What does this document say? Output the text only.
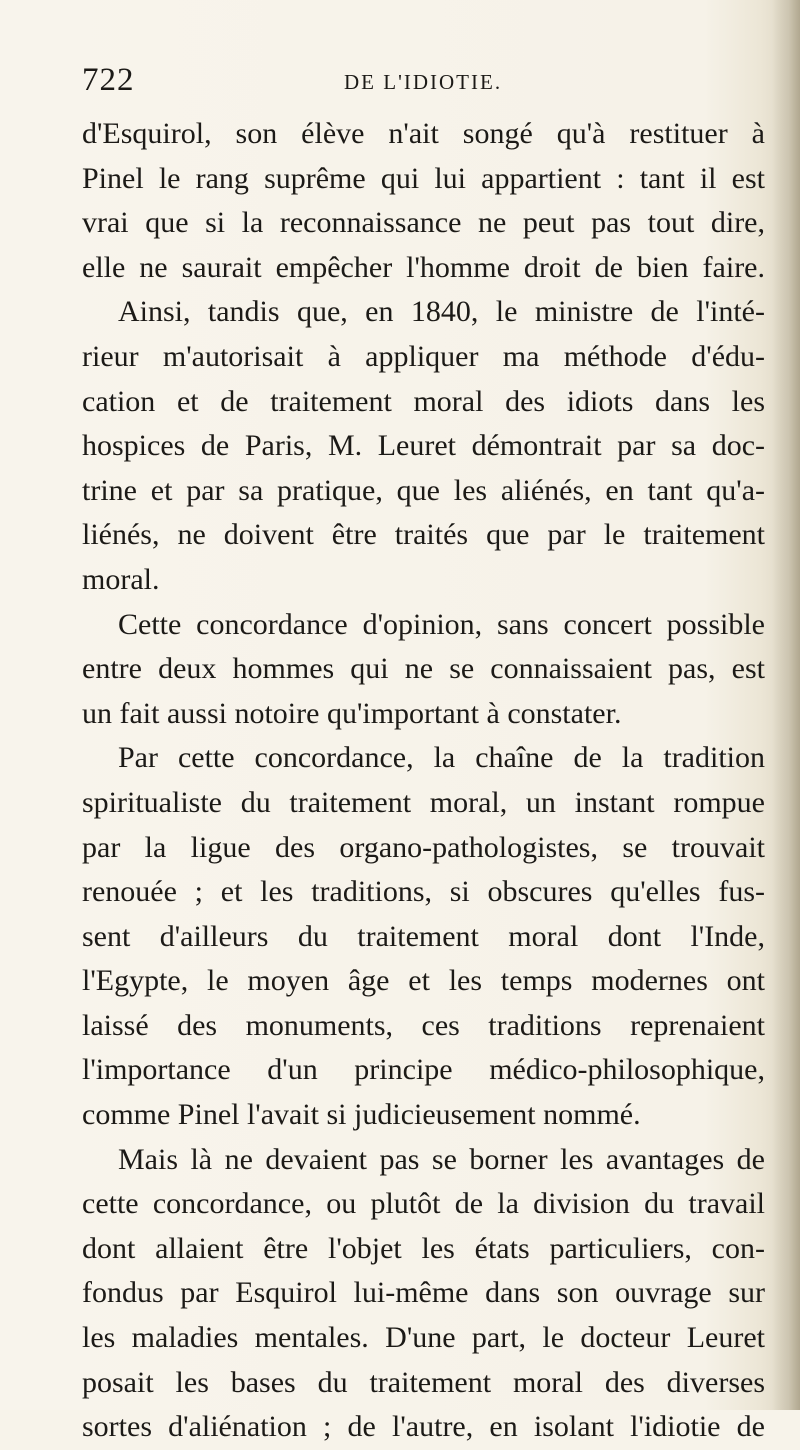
722	DE L'IDIOTIE.
d'Esquirol, son élève n'ait songé qu'à restituer à
Pinel le rang suprême qui lui appartient : tant il est
vrai que si la reconnaissance ne peut pas tout dire,
elle ne saurait empêcher l'homme droit de bien faire.
Ainsi, tandis que, en 1840, le ministre de l'inté-
rieur m'autorisait à appliquer ma méthode d'édu-
cation et de traitement moral des idiots dans les
hospices de Paris, M. Leuret démontrait par sa doc-
trine et par sa pratique, que les aliénés, en tant qu'a-
liénés, ne doivent être traités que par le traitement
moral.
Cette concordance d'opinion, sans concert possible
entre deux hommes qui ne se connaissaient pas, est
un fait aussi notoire qu'important à constater.
Par cette concordance, la chaîne de la tradition
spiritualiste du traitement moral, un instant rompue
par la ligue des organo-pathologistes, se trouvait
renouée ; et les traditions, si obscures qu'elles fus-
sent d'ailleurs du traitement moral dont l'Inde,
l'Egypte, le moyen âge et les temps modernes ont
laissé des monuments, ces traditions reprenaient
l'importance d'un principe médico-philosophique,
comme Pinel l'avait si judicieusement nommé.
Mais là ne devaient pas se borner les avantages de
cette concordance, ou plutôt de la division du travail
dont allaient être l'objet les états particuliers, con-
fondus par Esquirol lui-même dans son ouvrage sur
les maladies mentales. D'une part, le docteur Leuret
posait les bases du traitement moral des diverses
sortes d'aliénation ; de l'autre, en isolant l'idiotie de
